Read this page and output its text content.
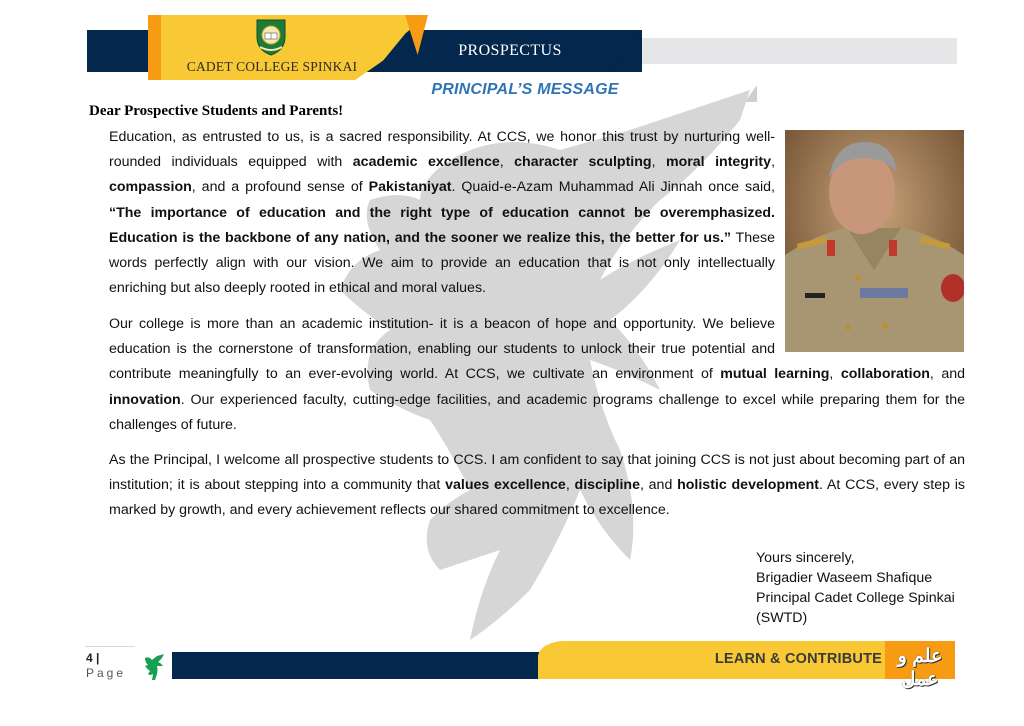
CADET COLLEGE SPINKAI
PROSPECTUS
PRINCIPAL’S MESSAGE
Dear Prospective Students and Parents!
Education, as entrusted to us, is a sacred responsibility. At CCS, we honor this trust by nurturing well-rounded individuals equipped with academic excellence, character sculpting, moral integrity, compassion, and a profound sense of Pakistaniyat. Quaid-e-Azam Muhammad Ali Jinnah once said, “The importance of education and the right type of education cannot be overemphasized. Education is the backbone of any nation, and the sooner we realize this, the better for us.” These words perfectly align with our vision. We aim to provide an education that is not only intellectually enriching but also deeply rooted in ethical and moral values.
Our college is more than an academic institution- it is a beacon of hope and opportunity. We believe education is the cornerstone of transformation, enabling our students to unlock their true potential and contribute meaningfully to an ever-evolving world. At CCS, we cultivate an environment of mutual learning, collaboration, and innovation. Our experienced faculty, cutting-edge facilities, and academic programs challenge to excel while preparing them for the challenges of future.
As the Principal, I welcome all prospective students to CCS. I am confident to say that joining CCS is not just about becoming part of an institution; it is about stepping into a community that values excellence, discipline, and holistic development. At CCS, every step is marked by growth, and every achievement reflects our shared commitment to excellence.
Yours sincerely,
Brigadier Waseem Shafique
Principal Cadet College Spinkai
(SWTD)
4 |
Page
LEARN & CONTRIBUTE علم و عمل
